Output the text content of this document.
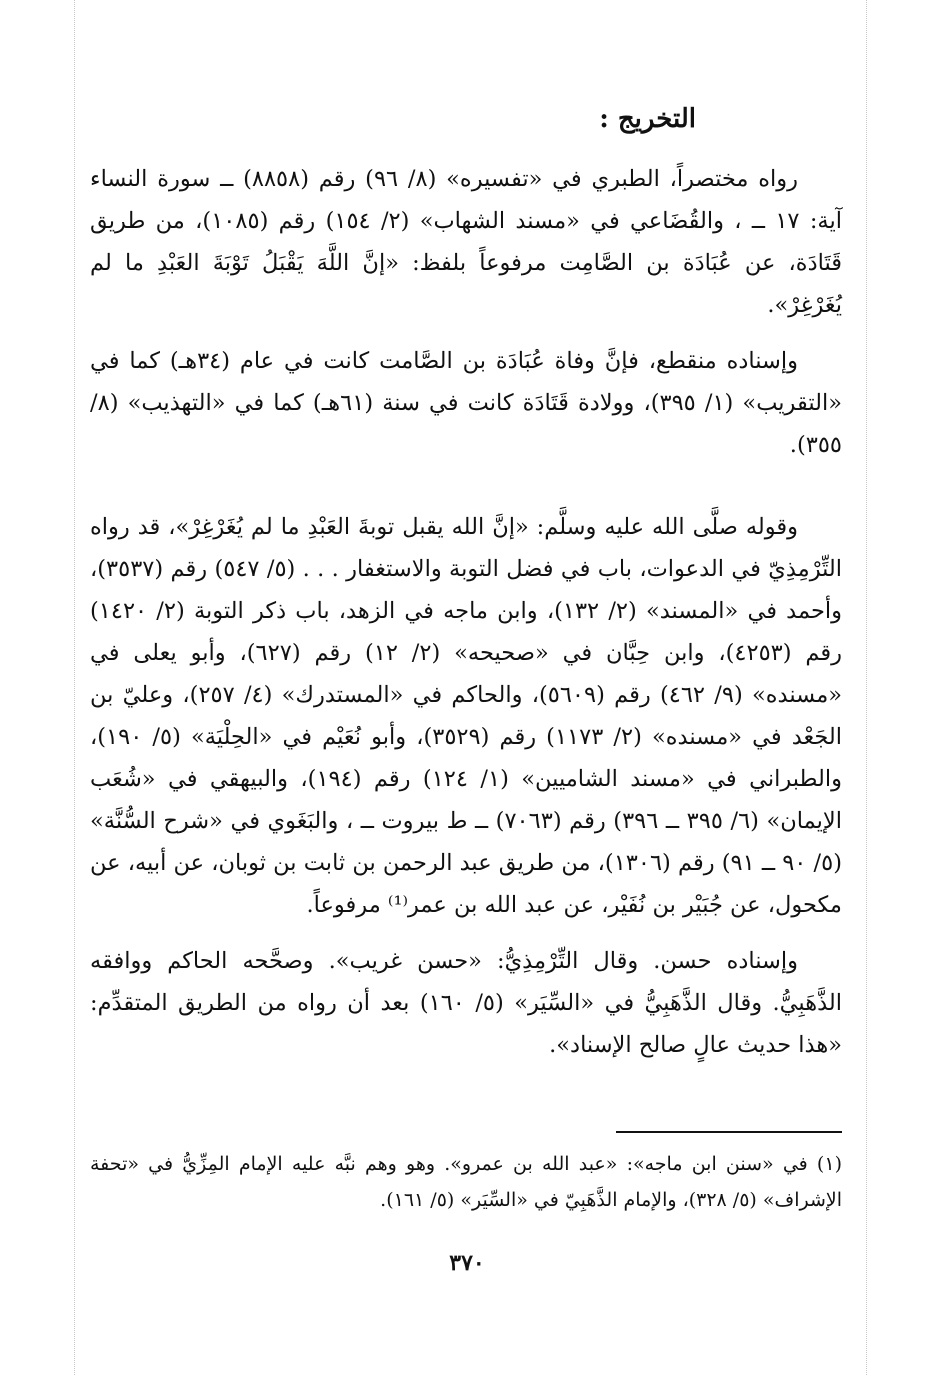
التخريج :

رواه مختصراً، الطبري في «تفسيره» (٨/ ٩٦) رقم (٨٨٥٨) ــ سورة النساء آية: ١٧ ــ ، والقُضَاعي في «مسند الشهاب» (٢/ ١٥٤) رقم (١٠٨٥)، من طريق قَتَادَة، عن عُبَادَة بن الصَّامِت مرفوعاً بلفظ: «إنَّ اللَّهَ يَقْبَلُ تَوْبَةَ العَبْدِ ما لم يُغَرْغِرْ».

وإسناده منقطع، فإنَّ وفاة عُبَادَة بن الصَّامت كانت في عام (٣٤هـ) كما في «التقريب» (١/ ٣٩٥)، وولادة قَتَادَة كانت في سنة (٦١هـ) كما في «التهذيب» (٨/ ٣٥٥).

وقوله صلَّى الله عليه وسلَّم: «إنَّ الله يقبل توبةَ العَبْدِ ما لم يُغَرْغِرْ»، قد رواه التِّرْمِذِيّ في الدعوات، باب في فضل التوبة والاستغفار . . . (٥/ ٥٤٧) رقم (٣٥٣٧)، وأحمد في «المسند» (٢/ ١٣٢)، وابن ماجه في الزهد، باب ذكر التوبة (٢/ ١٤٢٠) رقم (٤٢٥٣)، وابن حِبَّان في «صحيحه» (٢/ ١٢) رقم (٦٢٧)، وأبو يعلى في «مسنده» (٩/ ٤٦٢) رقم (٥٦٠٩)، والحاكم في «المستدرك» (٤/ ٢٥٧)، وعليّ بن الجَعْد في «مسنده» (٢/ ١١٧٣) رقم (٣٥٢٩)، وأبو نُعَيْم في «الحِلْيَة» (٥/ ١٩٠)، والطبراني في «مسند الشاميين» (١/ ١٢٤) رقم (١٩٤)، والبيهقي في «شُعَب الإيمان» (٦/ ٣٩٥ ــ ٣٩٦) رقم (٧٠٦٣) ــ ط بيروت ــ ، والبَغَوي في «شرح السُّنَّة» (٥/ ٩٠ ــ ٩١) رقم (١٣٠٦)، من طريق عبد الرحمن بن ثابت بن ثوبان، عن أبيه، عن مكحول، عن جُبَيْر بن نُفَيْر، عن عبد الله بن عمر⁽¹⁾ مرفوعاً.

وإسناده حسن. وقال التِّرْمِذِيُّ: «حسن غريب». وصحَّحه الحاكم ووافقه الذَّهَبِيُّ. وقال الذَّهَبِيُّ في «السِّيَر» (٥/ ١٦٠) بعد أن رواه من الطريق المتقدِّم: «هذا حديث عالٍ صالح الإسناد».

(١) في «سنن ابن ماجه»: «عبد الله بن عمرو». وهو وهم نبَّه عليه الإمام المِزِّيُّ في «تحفة الإشراف» (٥/ ٣٢٨)، والإمام الذَّهَبِيّ في «السِّيَر» (٥/ ١٦١).

٣٧٠
